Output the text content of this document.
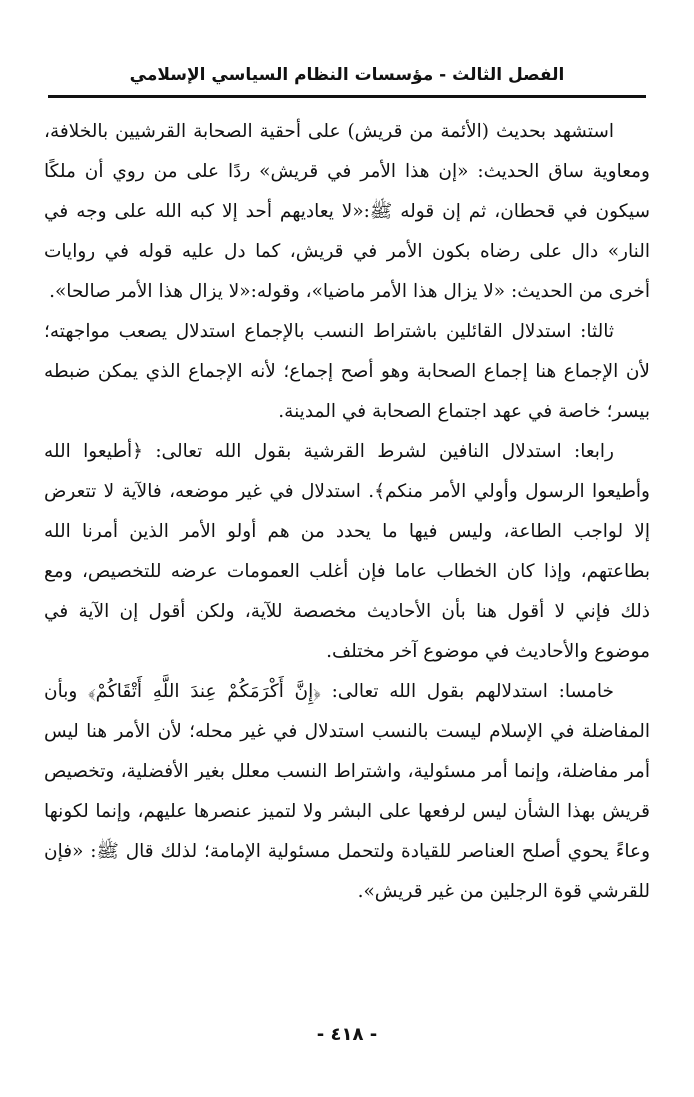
الفصل الثالث - مؤسسات النظام السياسي الإسلامي

استشهد بحديث (الأئمة من قريش) على أحقية الصحابة القرشيين بالخلافة، ومعاوية ساق الحديث: «إن هذا الأمر في قريش» ردًا على من روي أن ملكًا سيكون في قحطان، ثم إن قوله ﷺ:«لا يعاديهم أحد إلا كبه الله على وجه في النار» دال على رضاه بكون الأمر في قريش، كما دل عليه قوله في روايات أخرى من الحديث: «لا يزال هذا الأمر ماضيا»، وقوله:«لا يزال هذا الأمر صالحا».

ثالثا: استدلال القائلين باشتراط النسب بالإجماع استدلال يصعب مواجهته؛ لأن الإجماع هنا إجماع الصحابة وهو أصح إجماع؛ لأنه الإجماع الذي يمكن ضبطه بيسر؛ خاصة في عهد اجتماع الصحابة في المدينة.

رابعا: استدلال النافين لشرط القرشية بقول الله تعالى: ﴿أطيعوا الله وأطيعوا الرسول وأولي الأمر منكم﴾. استدلال في غير موضعه، فالآية لا تتعرض إلا لواجب الطاعة، وليس فيها ما يحدد من هم أولو الأمر الذين أمرنا الله بطاعتهم، وإذا كان الخطاب عاما فإن أغلب العمومات عرضه للتخصيص، ومع ذلك فإني لا أقول هنا بأن الأحاديث مخصصة للآية، ولكن أقول إن الآية في موضوع والأحاديث في موضوع آخر مختلف.

خامسا: استدلالهم بقول الله تعالى: ﴿إِنَّ أَكْرَمَكُمْ عِندَ اللَّهِ أَتْقَاكُمْ﴾ وبأن المفاضلة في الإسلام ليست بالنسب استدلال في غير محله؛ لأن الأمر هنا ليس أمر مفاضلة، وإنما أمر مسئولية، واشتراط النسب معلل بغير الأفضلية، وتخصيص قريش بهذا الشأن ليس لرفعها على البشر ولا لتميز عنصرها عليهم، وإنما لكونها وعاءً يحوي أصلح العناصر للقيادة ولتحمل مسئولية الإمامة؛ لذلك قال ﷺ: «فإن للقرشي قوة الرجلين من غير قريش».

- ٤١٨ -
